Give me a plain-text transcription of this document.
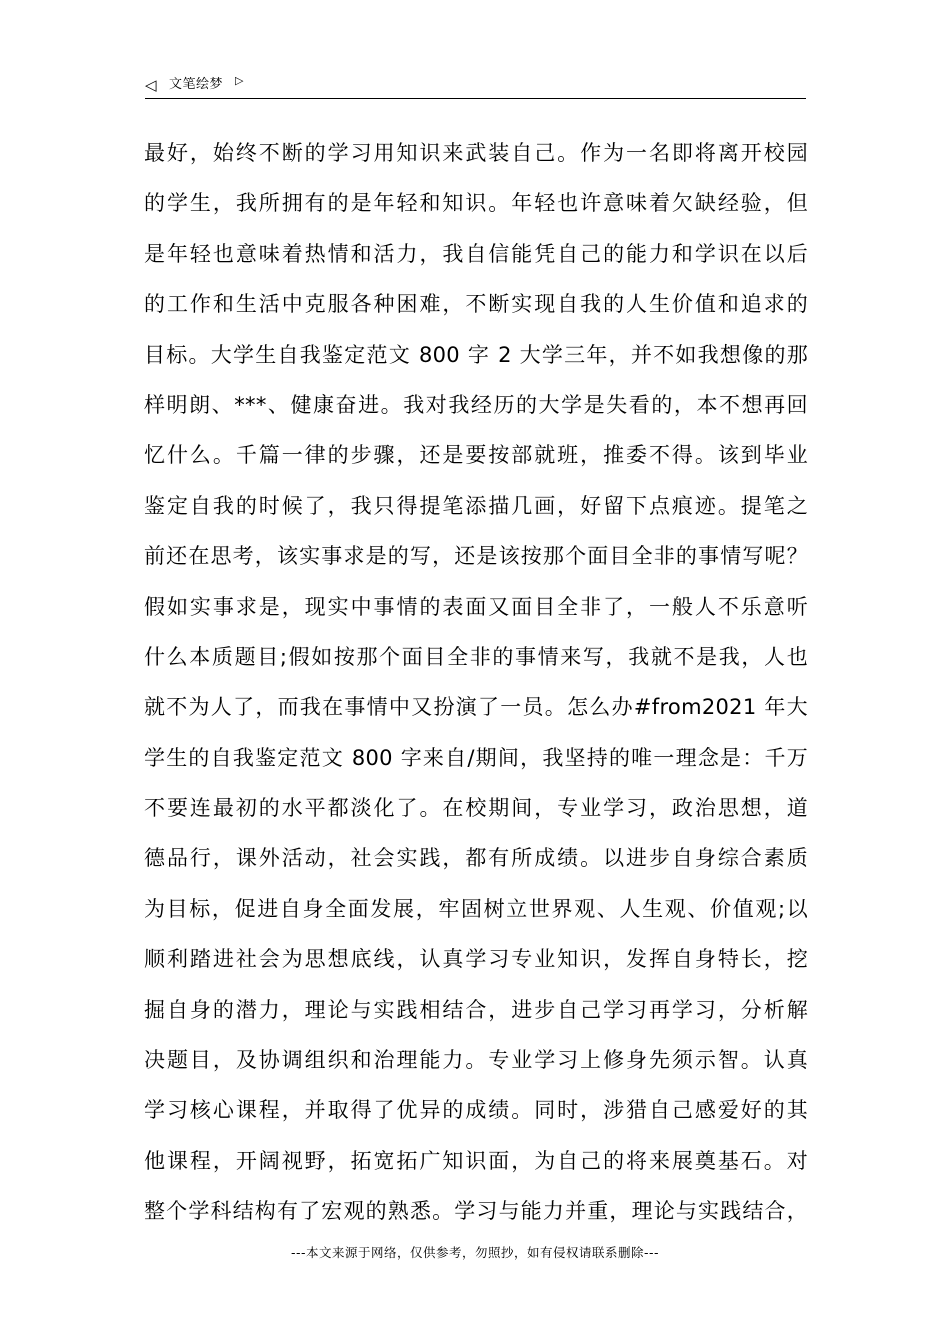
◁ 文笔绘梦 ▷
最好，始终不断的学习用知识来武装自己。作为一名即将离开校园
的学生，我所拥有的是年轻和知识。年轻也许意味着欠缺经验，但
是年轻也意味着热情和活力，我自信能凭自己的能力和学识在以后
的工作和生活中克服各种困难，不断实现自我的人生价值和追求的
目标。大学生自我鉴定范文 800 字 2 大学三年，并不如我想像的那
样明朗、***、健康奋进。我对我经历的大学是失看的，本不想再回
忆什么。千篇一律的步骤，还是要按部就班，推委不得。该到毕业
鉴定自我的时候了，我只得提笔添描几画，好留下点痕迹。提笔之
前还在思考，该实事求是的写，还是该按那个面目全非的事情写呢？
假如实事求是，现实中事情的表面又面目全非了，一般人不乐意听
什么本质题目;假如按那个面目全非的事情来写，我就不是我，人也
就不为人了，而我在事情中又扮演了一员。怎么办#from2021 年大
学生的自我鉴定范文 800 字来自/期间，我坚持的唯一理念是：千万
不要连最初的水平都淡化了。在校期间，专业学习，政治思想，道
德品行，课外活动，社会实践，都有所成绩。以进步自身综合素质
为目标，促进自身全面发展，牢固树立世界观、人生观、价值观;以
顺利踏进社会为思想底线，认真学习专业知识，发挥自身特长，挖
掘自身的潜力，理论与实践相结合，进步自己学习再学习，分析解
决题目，及协调组织和治理能力。专业学习上修身先须示智。认真
学习核心课程，并取得了优异的成绩。同时，涉猎自己感爱好的其
他课程，开阔视野，拓宽拓广知识面，为自己的将来展奠基石。对
整个学科结构有了宏观的熟悉。学习与能力并重，理论与实践结合，
---本文来源于网络，仅供参考，勿照抄，如有侵权请联系删除---
